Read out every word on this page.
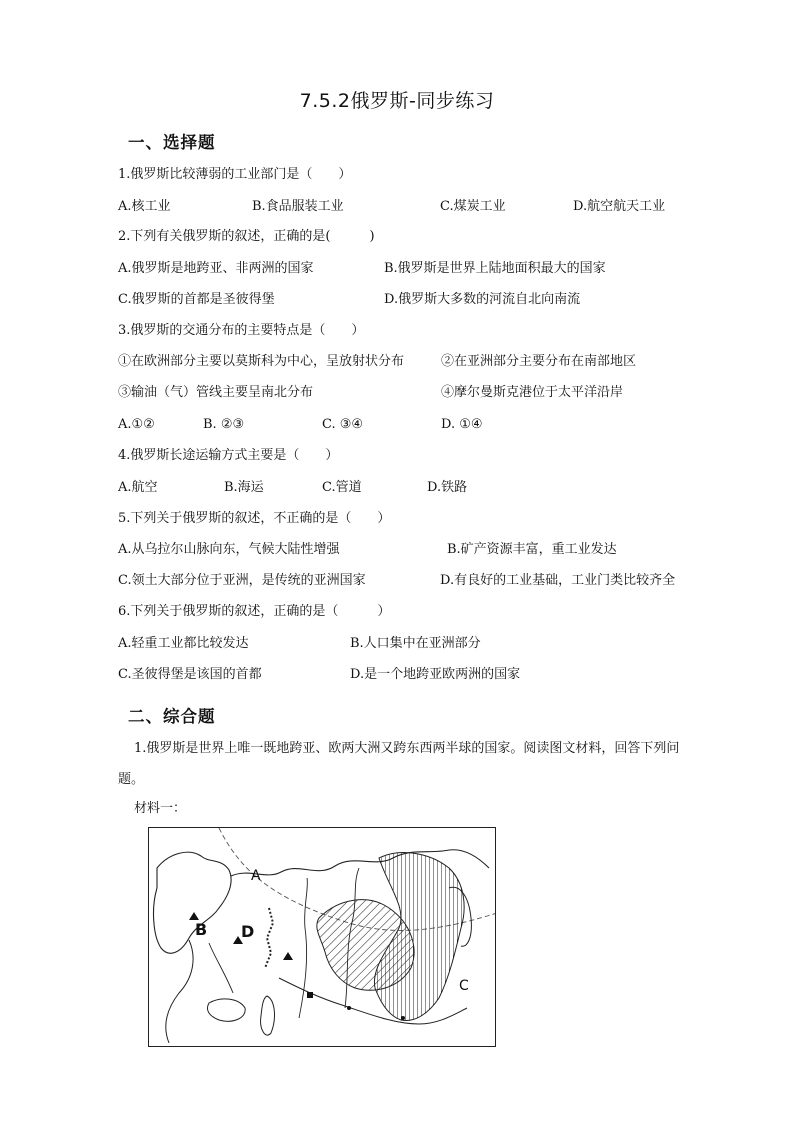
7.5.2俄罗斯-同步练习
一、选择题
1.俄罗斯比较薄弱的工业部门是（　　）
A.核工业	B.食品服装工业	C.煤炭工业	D.航空航天工业
2.下列有关俄罗斯的叙述，正确的是(　　　)
A.俄罗斯是地跨亚、非两洲的国家	B.俄罗斯是世界上陆地面积最大的国家
C.俄罗斯的首都是圣彼得堡	D.俄罗斯大多数的河流自北向南流
3.俄罗斯的交通分布的主要特点是（　　）
①在欧洲部分主要以莫斯科为中心，呈放射状分布	②在亚洲部分主要分布在南部地区
③输油（气）管线主要呈南北分布	④摩尔曼斯克港位于太平洋沿岸
A.①②	B. ②③	C. ③④	D. ①④
4.俄罗斯长途运输方式主要是（　　）
A.航空	B.海运	C.管道	D.铁路
5.下列关于俄罗斯的叙述，不正确的是（　　）
A.从乌拉尔山脉向东，气候大陆性增强	B.矿产资源丰富，重工业发达
C.领土大部分位于亚洲，是传统的亚洲国家	D.有良好的工业基础，工业门类比较齐全
6.下列关于俄罗斯的叙述，正确的是（　　　）
A.轻重工业都比较发达	B.人口集中在亚洲部分
C.圣彼得堡是该国的首都	D.是一个地跨亚欧两洲的国家
二、综合题
1.俄罗斯是世界上唯一既地跨亚、欧两大洲又跨东西两半球的国家。阅读图文材料，回答下列问
题。
材料一：
A
B D
C
